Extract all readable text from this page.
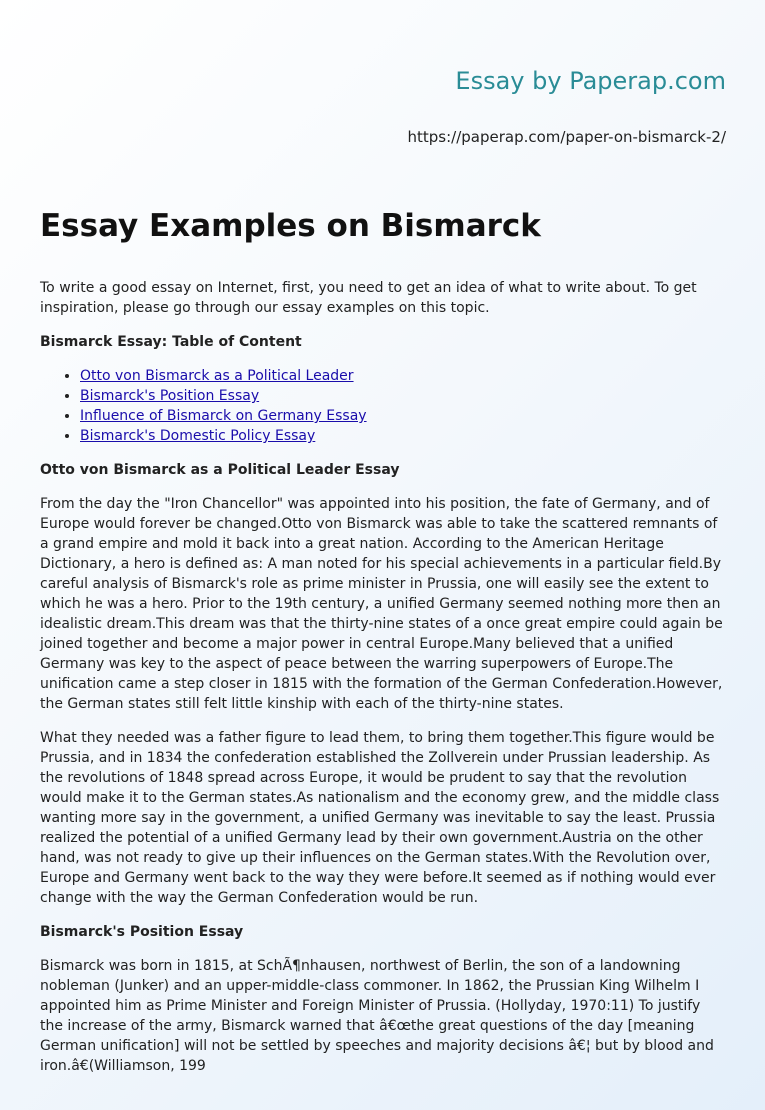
Essay by Paperap.com
https://paperap.com/paper-on-bismarck-2/
Essay Examples on Bismarck

To write a good essay on Internet, first, you need to get an idea of what to write about. To get inspiration, please go through our essay examples on this topic.

Bismarck Essay: Table of Content

• Otto von Bismarck as a Political Leader
• Bismarck's Position Essay
• Influence of Bismarck on Germany Essay
• Bismarck's Domestic Policy Essay

Otto von Bismarck as a Political Leader Essay

From the day the "Iron Chancellor" was appointed into his position, the fate of Germany, and of Europe would forever be changed.Otto von Bismarck was able to take the scattered remnants of a grand empire and mold it back into a great nation. According to the American Heritage Dictionary, a hero is defined as: A man noted for his special achievements in a particular field.By careful analysis of Bismarck's role as prime minister in Prussia, one will easily see the extent to which he was a hero. Prior to the 19th century, a unified Germany seemed nothing more then an idealistic dream.This dream was that the thirty-nine states of a once great empire could again be joined together and become a major power in central Europe.Many believed that a unified Germany was key to the aspect of peace between the warring superpowers of Europe.The unification came a step closer in 1815 with the formation of the German Confederation.However, the German states still felt little kinship with each of the thirty-nine states.

What they needed was a father figure to lead them, to bring them together.This figure would be Prussia, and in 1834 the confederation established the Zollverein under Prussian leadership. As the revolutions of 1848 spread across Europe, it would be prudent to say that the revolution would make it to the German states.As nationalism and the economy grew, and the middle class wanting more say in the government, a unified Germany was inevitable to say the least. Prussia realized the potential of a unified Germany lead by their own government.Austria on the other hand, was not ready to give up their influences on the German states.With the Revolution over, Europe and Germany went back to the way they were before.It seemed as if nothing would ever change with the way the German Confederation would be run.

Bismarck's Position Essay

Bismarck was born in 1815, at SchÃ¶nhausen, northwest of Berlin, the son of a landowning nobleman (Junker) and an upper-middle-class commoner. In 1862, the Prussian King Wilhelm I appointed him as Prime Minister and Foreign Minister of Prussia. (Hollyday, 1970:11) To justify the increase of the army, Bismarck warned that â€œthe great questions of the day [meaning German unification] will not be settled by speeches and majority decisions â€¦ but by blood and iron.â€(Williamson, 199
